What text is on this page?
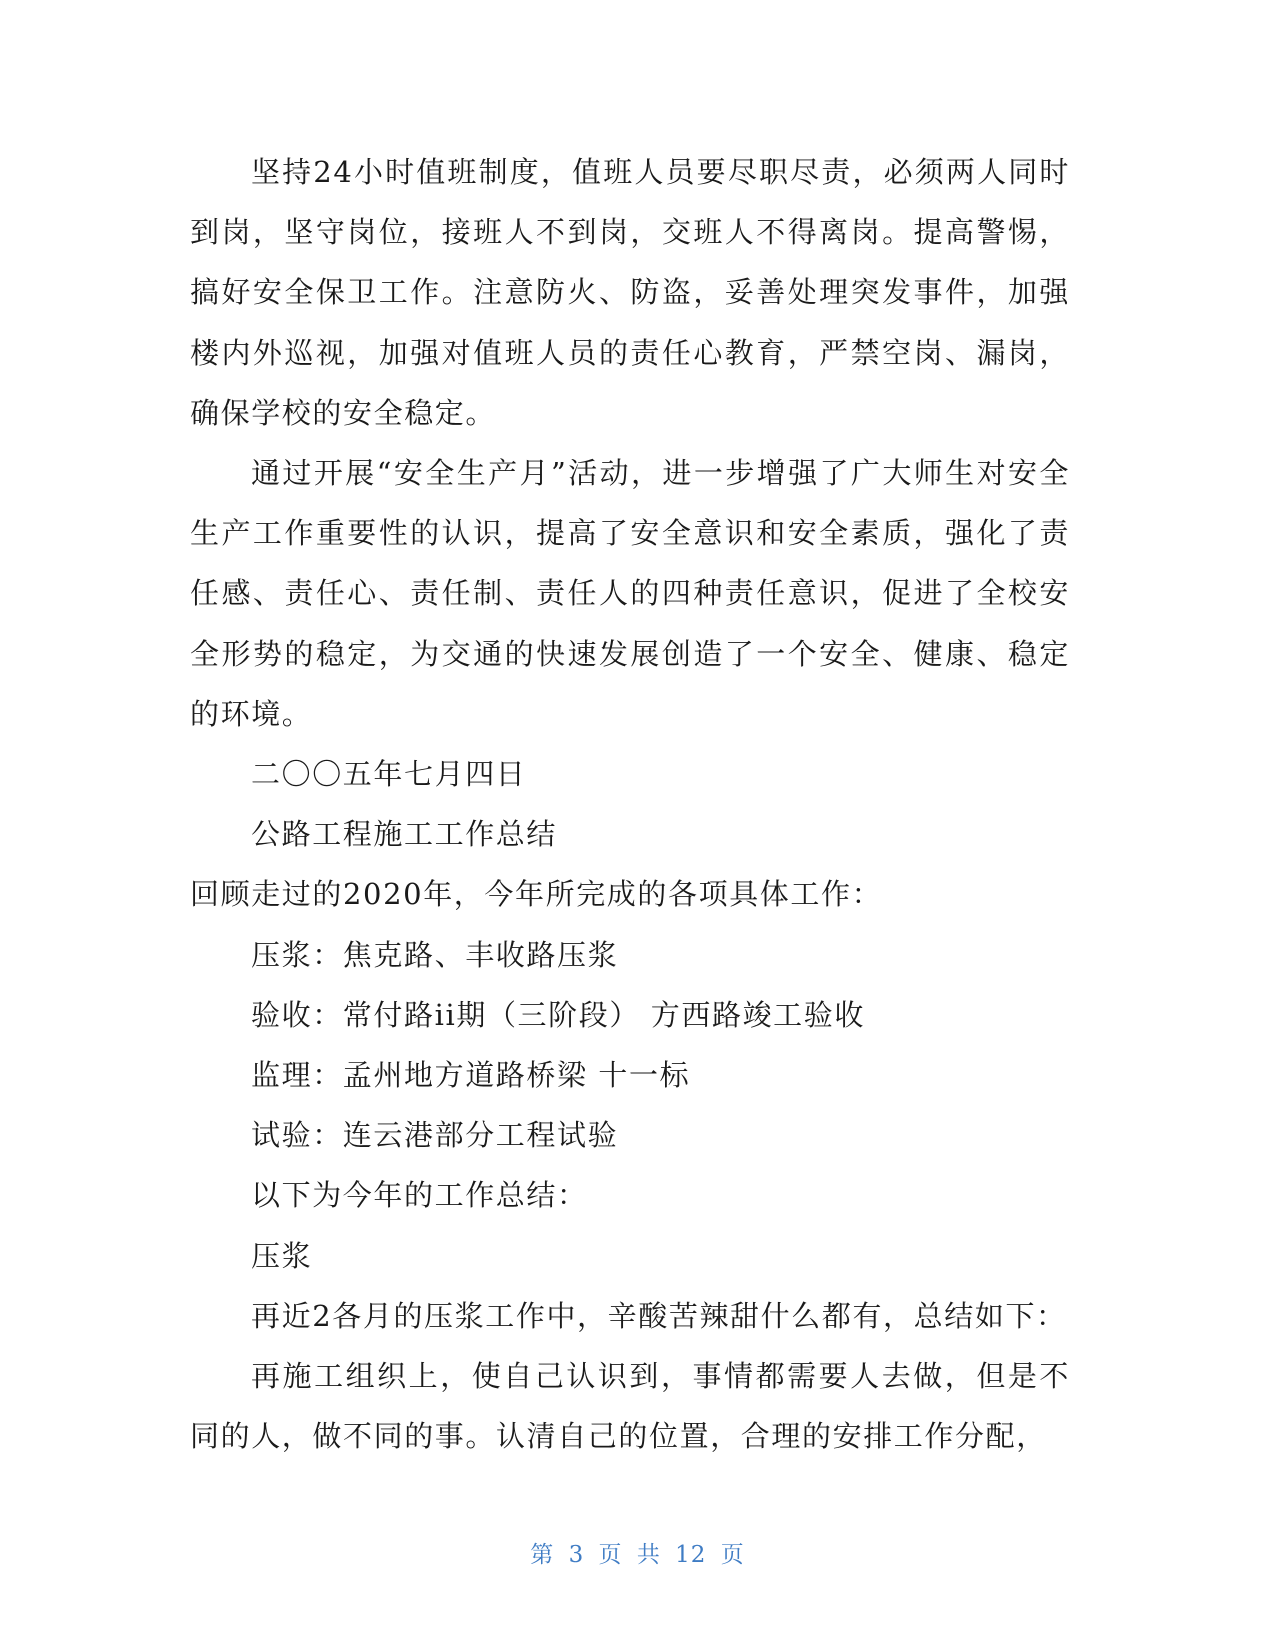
坚持24小时值班制度，值班人员要尽职尽责，必须两人同时到岗，坚守岗位，接班人不到岗，交班人不得离岗。提高警惕，搞好安全保卫工作。注意防火、防盗，妥善处理突发事件，加强楼内外巡视，加强对值班人员的责任心教育，严禁空岗、漏岗，确保学校的安全稳定。

通过开展“安全生产月”活动，进一步增强了广大师生对安全生产工作重要性的认识，提高了安全意识和安全素质，强化了责任感、责任心、责任制、责任人的四种责任意识，促进了全校安全形势的稳定，为交通的快速发展创造了一个安全、健康、稳定的环境。

二〇〇五年七月四日

公路工程施工工作总结

回顾走过的2020年，今年所完成的各项具体工作：

压浆：焦克路、丰收路压浆

验收：常付路ii期（三阶段） 方西路竣工验收

监理：孟州地方道路桥梁 十一标

试验：连云港部分工程试验

以下为今年的工作总结：

压浆

再近2各月的压浆工作中，辛酸苦辣甜什么都有，总结如下：

再施工组织上，使自己认识到，事情都需要人去做，但是不同的人，做不同的事。认清自己的位置，合理的安排工作分配，

第 3 页 共 12 页
